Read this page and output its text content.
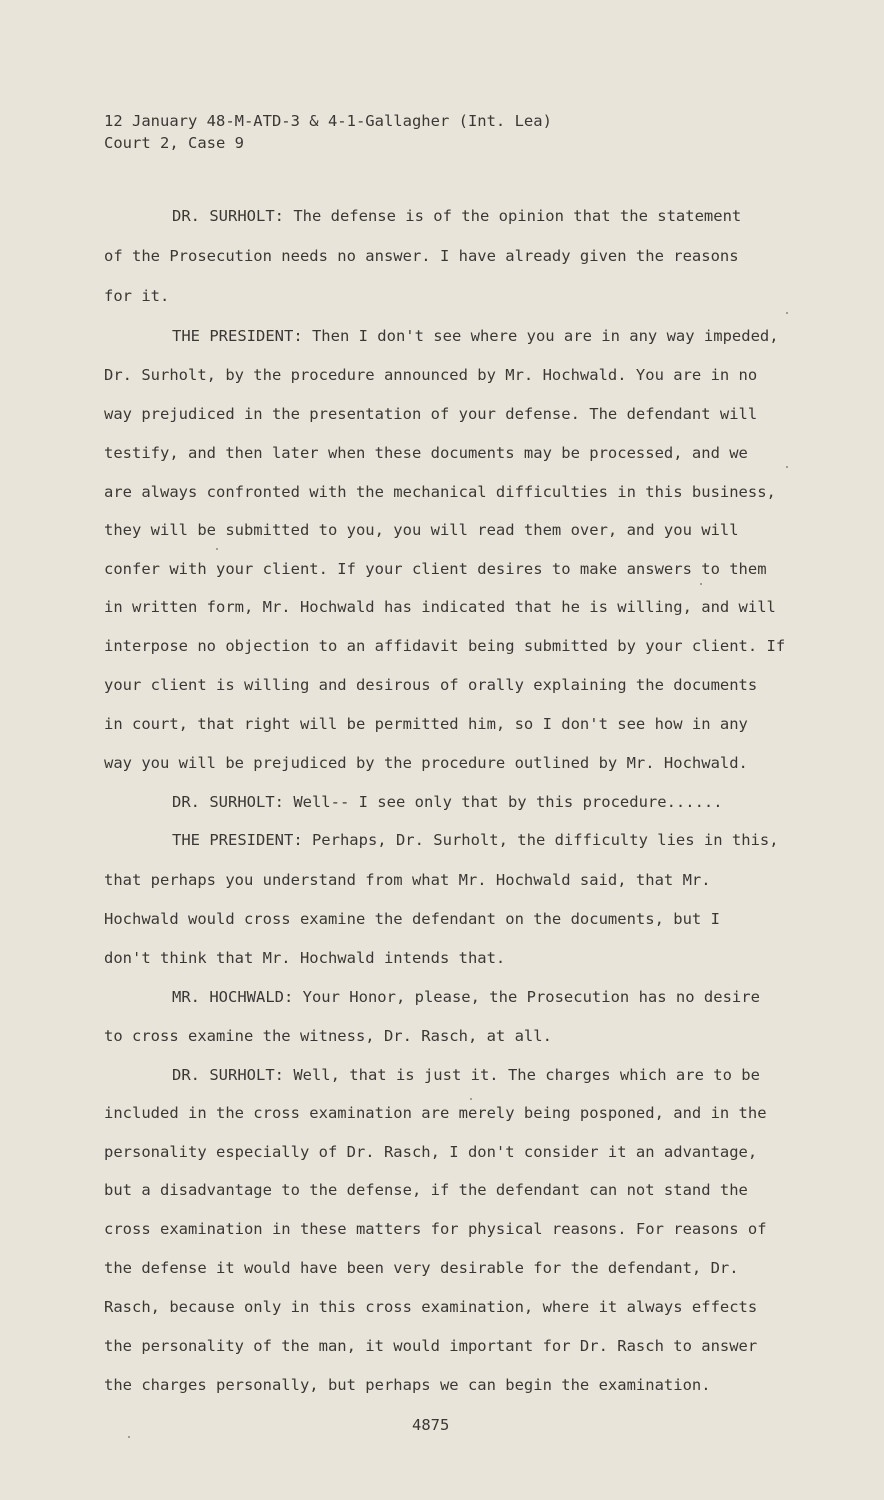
12 January 48-M-ATD-3 & 4-1-Gallagher (Int. Lea)
Court 2, Case 9
DR. SURHOLT: The defense is of the opinion that the statement
of the Prosecution needs no answer. I have already given the reasons
for it.
THE PRESIDENT: Then I don't see where you are in any way impeded,
Dr. Surholt, by the procedure announced by Mr. Hochwald. You are in no
way prejudiced in the presentation of your defense. The defendant will
testify, and then later when these documents may be processed, and we
are always confronted with the mechanical difficulties in this business,
they will be submitted to you, you will read them over, and you will
confer with your client. If your client desires to make answers to them
in written form, Mr. Hochwald has indicated that he is willing, and will
interpose no objection to an affidavit being submitted by your client. If
your client is willing and desirous of orally explaining the documents
in court, that right will be permitted him, so I don't see how in any
way you will be prejudiced by the procedure outlined by Mr. Hochwald.
DR. SURHOLT: Well-- I see only that by this procedure......
THE PRESIDENT: Perhaps, Dr. Surholt, the difficulty lies in this,
that perhaps you understand from what Mr. Hochwald said, that Mr.
Hochwald would cross examine the defendant on the documents, but I
don't think that Mr. Hochwald intends that.
MR. HOCHWALD: Your Honor, please, the Prosecution has no desire
to cross examine the witness, Dr. Rasch, at all.
DR. SURHOLT: Well, that is just it. The charges which are to be
included in the cross examination are merely being posponed, and in the
personality especially of Dr. Rasch, I don't consider it an advantage,
but a disadvantage to the defense, if the defendant can not stand the
cross examination in these matters for physical reasons. For reasons of
the defense it would have been very desirable for the defendant, Dr.
Rasch, because only in this cross examination, where it always effects
the personality of the man, it would important for Dr. Rasch to answer
the charges personally, but perhaps we can begin the examination.
4875
